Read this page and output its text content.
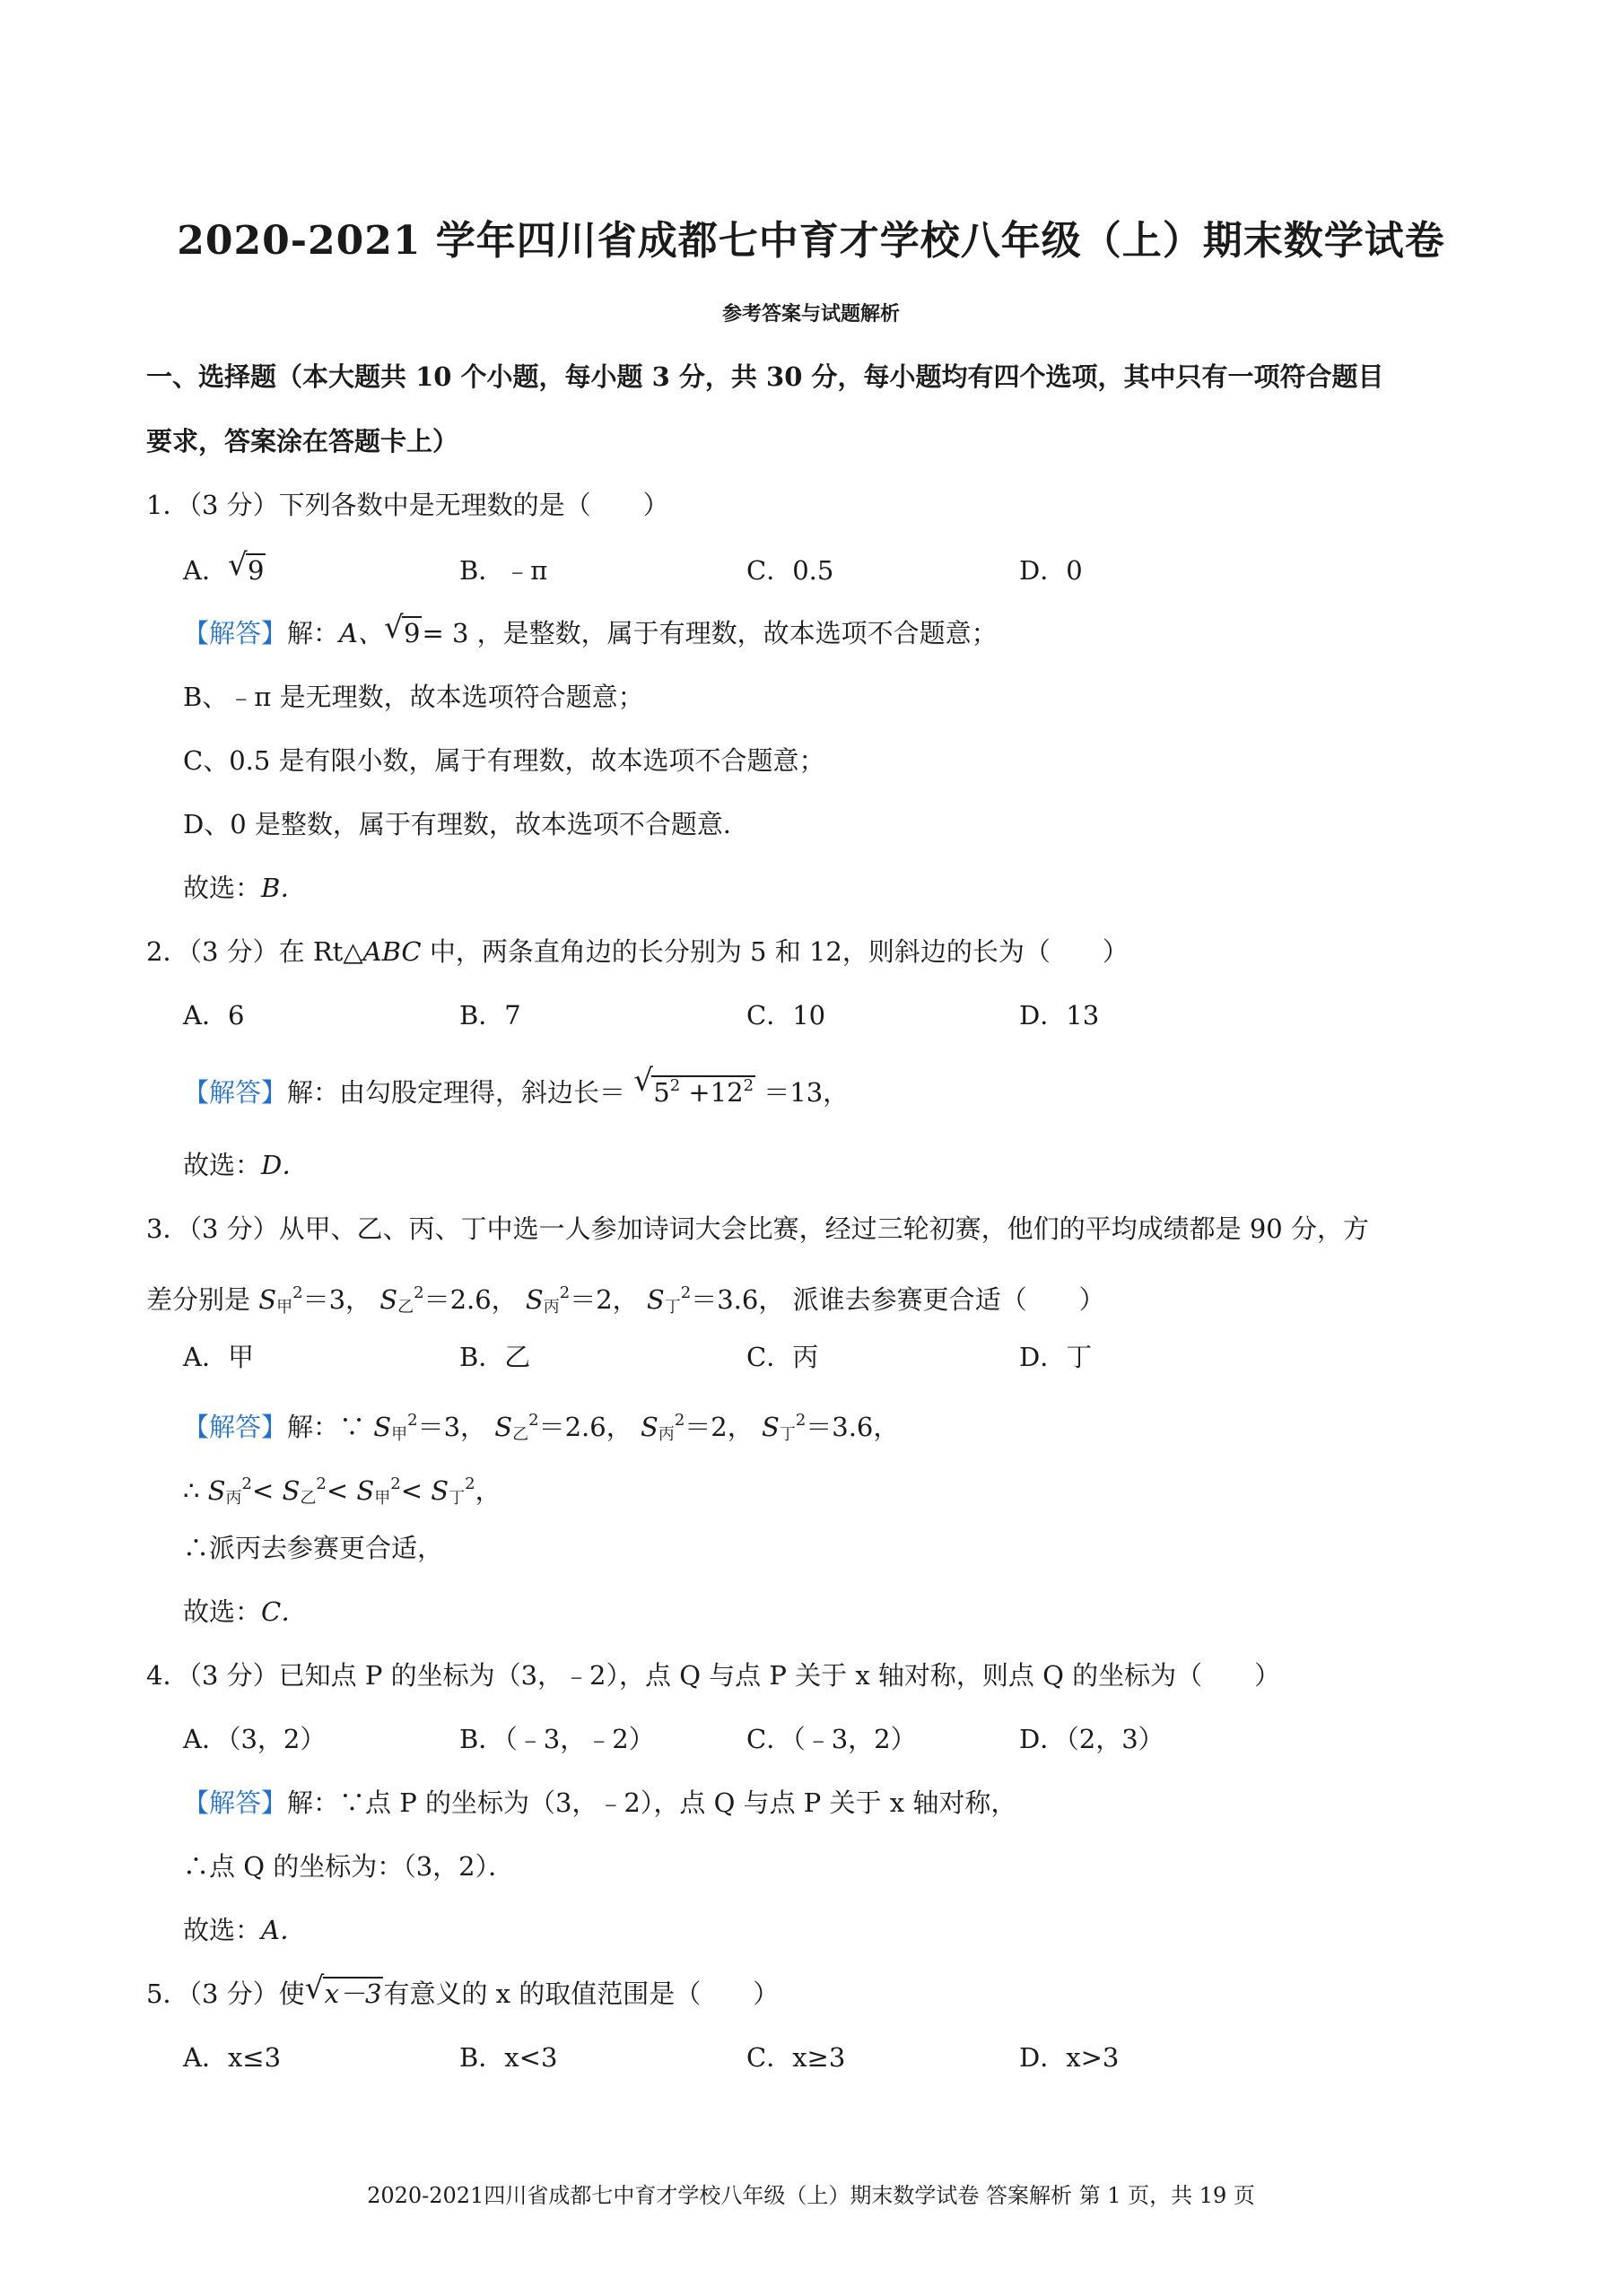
2020-2021 学年四川省成都七中育才学校八年级（上）期末数学试卷
参考答案与试题解析
一、选择题（本大题共 10 个小题，每小题 3 分，共 30 分，每小题均有四个选项，其中只有一项符合题目
要求，答案涂在答题卡上）
1．（3 分）下列各数中是无理数的是（　　）
A． √ 9	B．﹣π	C．0.5	D．0
【解答】解：A、 √ 9= 3 ，是整数，属于有理数，故本选项不合题意；
B、﹣π 是无理数，故本选项符合题意；
C、0.5 是有限小数，属于有理数，故本选项不合题意；
D、0 是整数，属于有理数，故本选项不合题意．
故选：B．
2．（3 分）在 Rt△ABC 中，两条直角边的长分别为 5 和 12，则斜边的长为（　　）
A．6	B．7	C．10	D．13
【解答】解：由勾股定理得，斜边长＝ √ $5^2 +12^2 =13$，
故选：D．
3．（3 分）从甲、乙、丙、丁中选一人参加诗词大会比赛，经过三轮初赛，他们的平均成绩都是 90 分，方
差分别是 $S_甲^2=3$， $S_乙^2=2.6$， $S_丙^2=2$， $S_丁^2=3.6$， 派谁去参赛更合适（　　）
A．甲	B．乙	C．丙	D．丁
【解答】解：∵ $S_甲^2=3$， $S_乙^2=2.6$， $S_丙^2=2$， $S_丁^2=3.6$，
∴ $S_丙^2< S_乙^2< S_甲^2< S_丁^2$，
∴派丙去参赛更合适，
故选：C．
4．（3 分）已知点 P 的坐标为（3，﹣2），点 Q 与点 P 关于 x 轴对称，则点 Q 的坐标为（　　）
A．（3，2）	B．（﹣3，﹣2）	C．（﹣3，2）	D．（2，3）
【解答】解：∵点 P 的坐标为（3，﹣2），点 Q 与点 P 关于 x 轴对称，
∴点 Q 的坐标为：（3，2）．
故选：A．
5．（3 分）使 √ x－3有意义的 x 的取值范围是（　　）
A．x≤3	B．x<3	C．x≥3	D．x>3
2020-2021四川省成都七中育才学校八年级（上）期末数学试卷 答案解析 第 1 页，共 19 页
